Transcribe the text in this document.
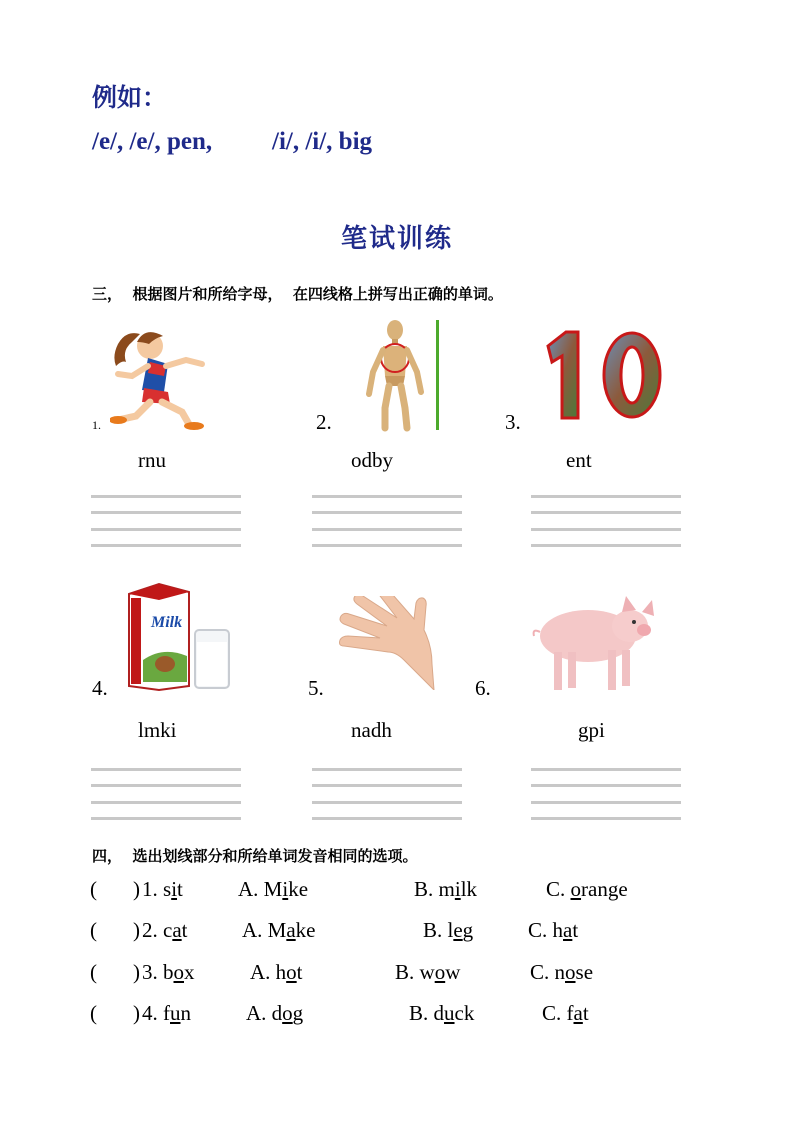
例如：
/e/, /e/, pen, /i/, /i/, big
笔试训练
三，  根据图片和所给字母，  在四线格上拼写出正确的单词。
1.	2.	3.
rnu	odby	ent
Milk
4.	5.	6.
lmki	nadh	gpi
四，  选出划线部分和所给单词发音相同的选项。
( ) 1. sit	A. Mike	B. milk	C. orange
( ) 2. cat	A. Make	B. leg	C. hat
( ) 3. box	A. hot	B. wow	C. nose
( ) 4. fun	A. dog	B. duck	C. fat
